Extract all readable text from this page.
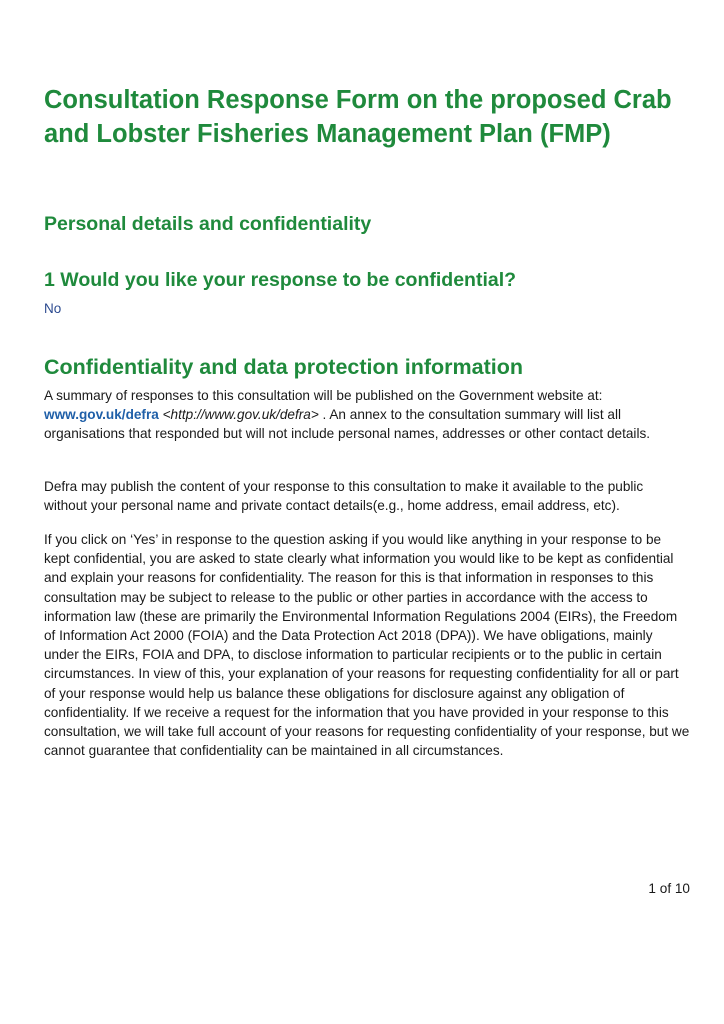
Consultation Response Form on the proposed Crab and Lobster Fisheries Management Plan (FMP)
Personal details and confidentiality
1 Would you like your response to be confidential?
No
Confidentiality and data protection information

A summary of responses to this consultation will be published on the Government website at:
www.gov.uk/defra <http://www.gov.uk/defra> . An annex to the consultation summary will list all organisations that responded but will not include personal names, addresses or other contact details.

Defra may publish the content of your response to this consultation to make it available to the public without your personal name and private contact details(e.g., home address, email address, etc).

If you click on ‘Yes’ in response to the question asking if you would like anything in your response to be kept confidential, you are asked to state clearly what information you would like to be kept as confidential and explain your reasons for confidentiality. The reason for this is that information in responses to this consultation may be subject to release to the public or other parties in accordance with the access to information law (these are primarily the Environmental Information Regulations 2004 (EIRs), the Freedom of Information Act 2000 (FOIA) and the Data Protection Act 2018 (DPA)). We have obligations, mainly under the EIRs, FOIA and DPA, to disclose information to particular recipients or to the public in certain circumstances. In view of this, your explanation of your reasons for requesting confidentiality for all or part of your response would help us balance these obligations for disclosure against any obligation of confidentiality. If we receive a request for the information that you have provided in your response to this consultation, we will take full account of your reasons for requesting confidentiality of your response, but we cannot guarantee that confidentiality can be maintained in all circumstances.

1 of 10
